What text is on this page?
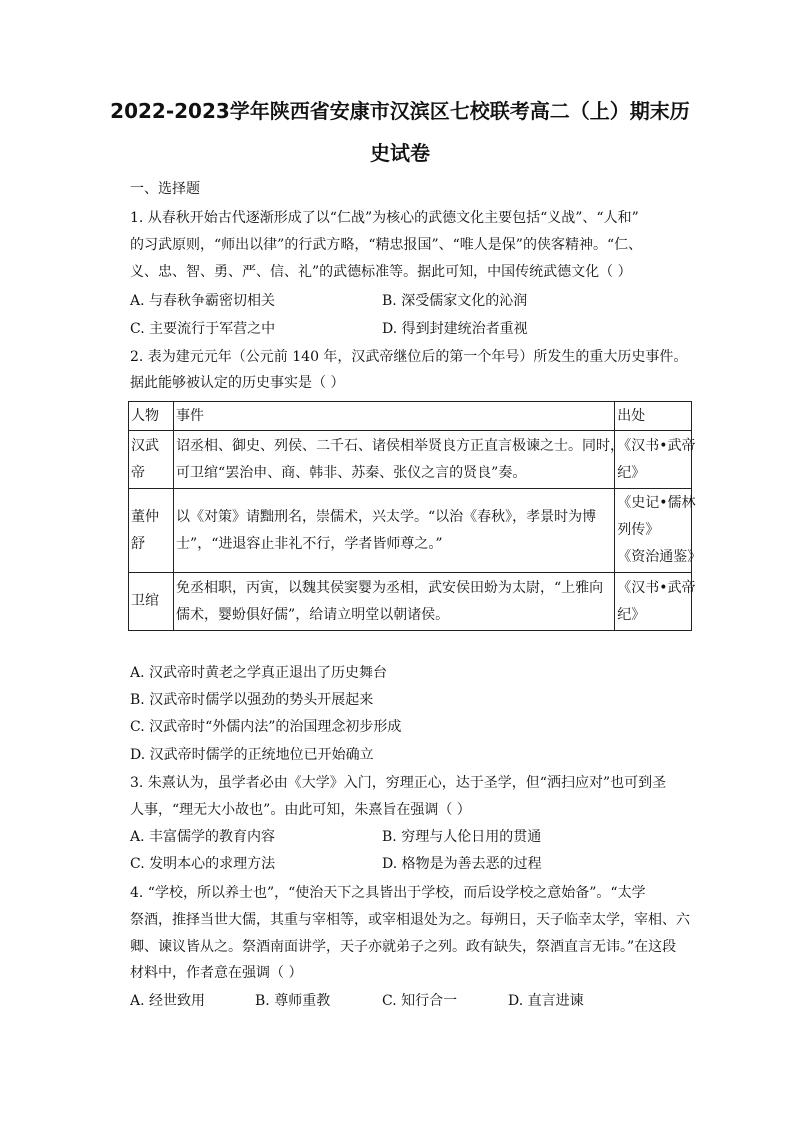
2022-2023学年陕西省安康市汉滨区七校联考高二（上）期末历
史试卷
一、选择题
1. 从春秋开始古代逐渐形成了以“仁战”为核心的武德文化主要包括“义战”、“人和”
的习武原则，“师出以律”的行武方略，“精忠报国”、“唯人是保”的侠客精神。“仁、
义、忠、智、勇、严、信、礼”的武德标准等。据此可知，中国传统武德文化（ ）
A. 与春秋争霸密切相关	B. 深受儒家文化的沁润
C. 主要流行于军营之中	D. 得到封建统治者重视
2. 表为建元元年（公元前 140 年，汉武帝继位后的第一个年号）所发生的重大历史事件。
据此能够被认定的历史事实是（ ）
人物	事件	出处
汉武帝	诏丞相、御史、列侯、二千石、诸侯相举贤良方正直言极谏之士。同时，
可卫绾“罢治申、商、韩非、苏秦、张仪之言的贤良”奏。	《汉书•武帝
纪》

董仲舒	以《对策》请黜刑名，崇儒术，兴太学。“以治《春秋》，孝景时为博
士”，“进退容止非礼不行，学者皆师尊之。”	《史记•儒林
列传》
《资治通鉴》

卫绾	免丞相职，丙寅，以魏其侯窦婴为丞相，武安侯田蚡为太尉，“上雅向
儒术，婴蚡俱好儒”，给请立明堂以朝诸侯。	《汉书•武帝
纪》
A. 汉武帝时黄老之学真正退出了历史舞台
B. 汉武帝时儒学以强劲的势头开展起来
C. 汉武帝时“外儒内法”的治国理念初步形成
D. 汉武帝时儒学的正统地位已开始确立
3. 朱熹认为，虽学者必由《大学》入门，穷理正心，达于圣学，但“洒扫应对”也可到圣
人事，“理无大小故也”。由此可知，朱熹旨在强调（ ）
A. 丰富儒学的教育内容	B. 穷理与人伦日用的贯通
C. 发明本心的求理方法	D. 格物是为善去恶的过程
4. “学校，所以养士也”，“使治天下之具皆出于学校，而后设学校之意始备”。“太学
祭酒，推择当世大儒，其重与宰相等，或宰相退处为之。每朔日，天子临幸太学，宰相、六
卿、谏议皆从之。祭酒南面讲学，天子亦就弟子之列。政有缺失，祭酒直言无讳。”在这段
材料中，作者意在强调（ ）
A. 经世致用	B. 尊师重教	C. 知行合一	D. 直言进谏
